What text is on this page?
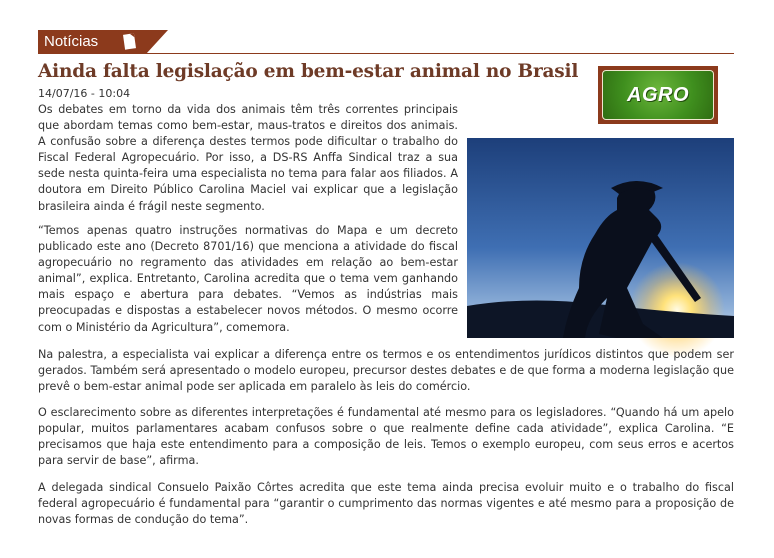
Notícias
Ainda falta legislação em bem-estar animal no Brasil
14/07/16 - 10:04	AGRO

Os debates em torno da vida dos animais têm três correntes principais que abordam temas como bem-estar, maus-tratos e direitos dos animais. A confusão sobre a diferença destes termos pode dificultar o trabalho do Fiscal Federal Agropecuário. Por isso, a DS-RS Anffa Sindical traz a sua sede nesta quinta-feira uma especialista no tema para falar aos filiados. A doutora em Direito Público Carolina Maciel vai explicar que a legislação brasileira ainda é frágil neste segmento.

“Temos apenas quatro instruções normativas do Mapa e um decreto publicado este ano (Decreto 8701/16) que menciona a atividade do fiscal agropecuário no regramento das atividades em relação ao bem-estar animal”, explica. Entretanto, Carolina acredita que o tema vem ganhando mais espaço e abertura para debates. “Vemos as indústrias mais preocupadas e dispostas a estabelecer novos métodos. O mesmo ocorre com o Ministério da Agricultura”, comemora.

Na palestra, a especialista vai explicar a diferença entre os termos e os entendimentos jurídicos distintos que podem ser gerados. Também será apresentado o modelo europeu, precursor destes debates e de que forma a moderna legislação que prevê o bem-estar animal pode ser aplicada em paralelo às leis do comércio.

O esclarecimento sobre as diferentes interpretações é fundamental até mesmo para os legisladores. “Quando há um apelo popular, muitos parlamentares acabam confusos sobre o que realmente define cada atividade”, explica Carolina. “E precisamos que haja este entendimento para a composição de leis. Temos o exemplo europeu, com seus erros e acertos para servir de base”, afirma.

A delegada sindical Consuelo Paixão Côrtes acredita que este tema ainda precisa evoluir muito e o trabalho do fiscal federal agropecuário é fundamental para “garantir o cumprimento das normas vigentes e até mesmo para a proposição de novas formas de condução do tema”.
